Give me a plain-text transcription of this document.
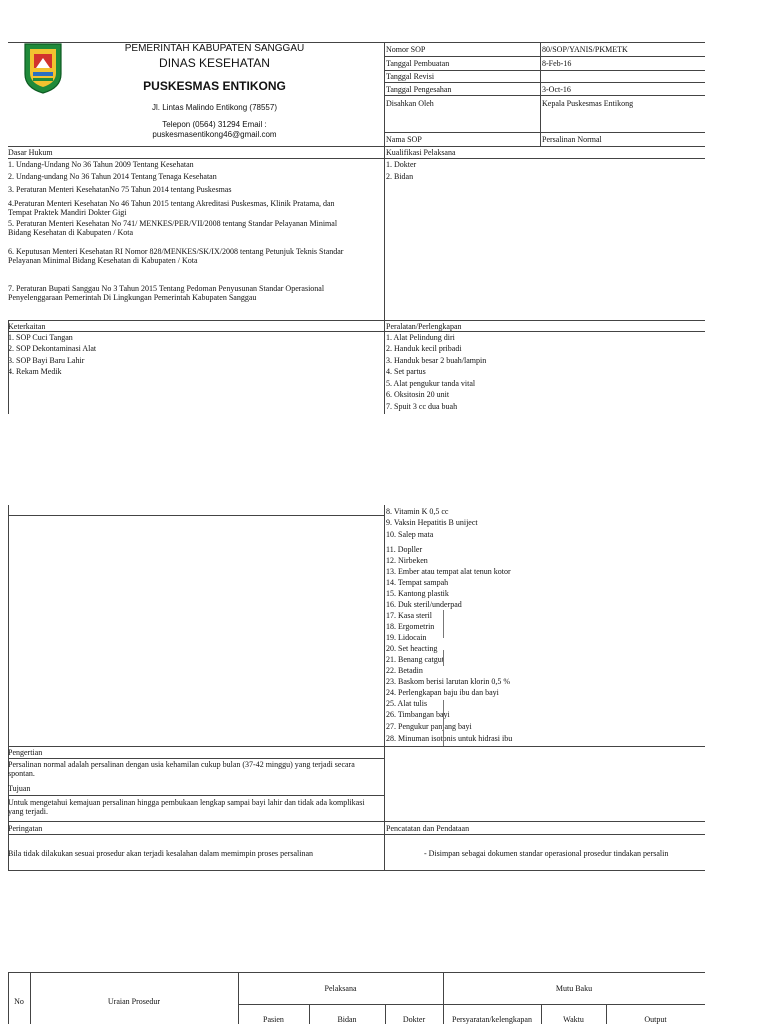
PEMERINTAH KABUPATEN SANGGAU
DINAS KESEHATAN
PUSKESMAS ENTIKONG
Jl. Lintas Malindo Entikong (78557)
Telepon (0564) 31294 Email :
puskesmasentikong46@gmail.com
Nomor SOP	80/SOP/YANIS/PKMETK
Tanggal Pembuatan	8-Feb-16
Tanggal Revisi
Tanggal Pengesahan	3-Oct-16
Disahkan Oleh	Kepala Puskesmas Entikong
Nama SOP	Persalinan Normal
Dasar Hukum	Kualifikasi Pelaksana
1. Undang-Undang No 36 Tahun 2009 Tentang Kesehatan
2. Undang-undang No 36 Tahun 2014 Tentang Tenaga Kesehatan
3. Peraturan Menteri KesehatanNo 75 Tahun 2014 tentang Puskesmas
4.Peraturan Menteri Kesehatan No 46 Tahun 2015 tentang Akreditasi Puskesmas, Klinik Pratama, dan Tempat Praktek Mandiri Dokter Gigi
5. Peraturan Menteri Kesehatan No 741/ MENKES/PER/VII/2008 tentang Standar Pelayanan Minimal Bidang Kesehatan di Kabupaten / Kota
6. Keputusan Menteri Kesehatan RI Nomor 828/MENKES/SK/IX/2008 tentang Petunjuk Teknis Standar Pelayanan Minimal Bidang Kesehatan di Kabupaten / Kota
7. Peraturan Bupati Sanggau No 3 Tahun 2015 Tentang Pedoman Penyusunan Standar Operasional Penyelenggaraan Pemerintah Di Lingkungan Pemerintah Kabupaten Sanggau
1. Dokter
2. Bidan
Keterkaitan	Peralatan/Perlengkapan
1. SOP Cuci Tangan
2. SOP Dekontaminasi Alat
3. SOP Bayi Baru Lahir
4. Rekam Medik
1. Alat Pelindung diri
2. Handuk kecil pribadi
3. Handuk besar 2 buah/lampin
4. Set partus
5. Alat pengukur tanda vital
6. Oksitosin 20 unit
7. Spuit 3 cc dua buah
8. Vitamin K 0,5 cc
9. Vaksin Hepatitis B uniject
10. Salep mata
11. Dopller
12. Nirbeken
13. Ember atau tempat alat tenun kotor
14. Tempat sampah
15. Kantong plastik
16. Duk steril/underpad
17. Kasa steril
18. Ergometrin
19. Lidocain
20. Set heacting
21. Benang catgut
22. Betadin
23. Baskom berisi larutan klorin 0,5 %
24. Perlengkapan baju ibu dan bayi
25. Alat tulis
26. Timbangan bayi
27. Pengukur panjang bayi
28. Minuman isotonis untuk hidrasi ibu
Pengertian
Persalinan normal adalah persalinan dengan usia kehamilan cukup bulan (37-42 minggu) yang terjadi secara spontan.
Tujuan
Untuk mengetahui kemajuan persalinan hingga pembukaan lengkap sampai bayi lahir dan tidak ada komplikasi yang terjadi.
Peringatan	Pencatatan dan Pendataan
Bila tidak dilakukan sesuai prosedur akan terjadi kesalahan dalam memimpin proses persalinan	- Disimpan sebagai dokumen standar operasional prosedur tindakan persalin
No	Uraian Prosedur
Pelaksana	Mutu Baku
Pasien	Bidan	Dokter	Persyaratan/kelengkapan	Waktu	Output
